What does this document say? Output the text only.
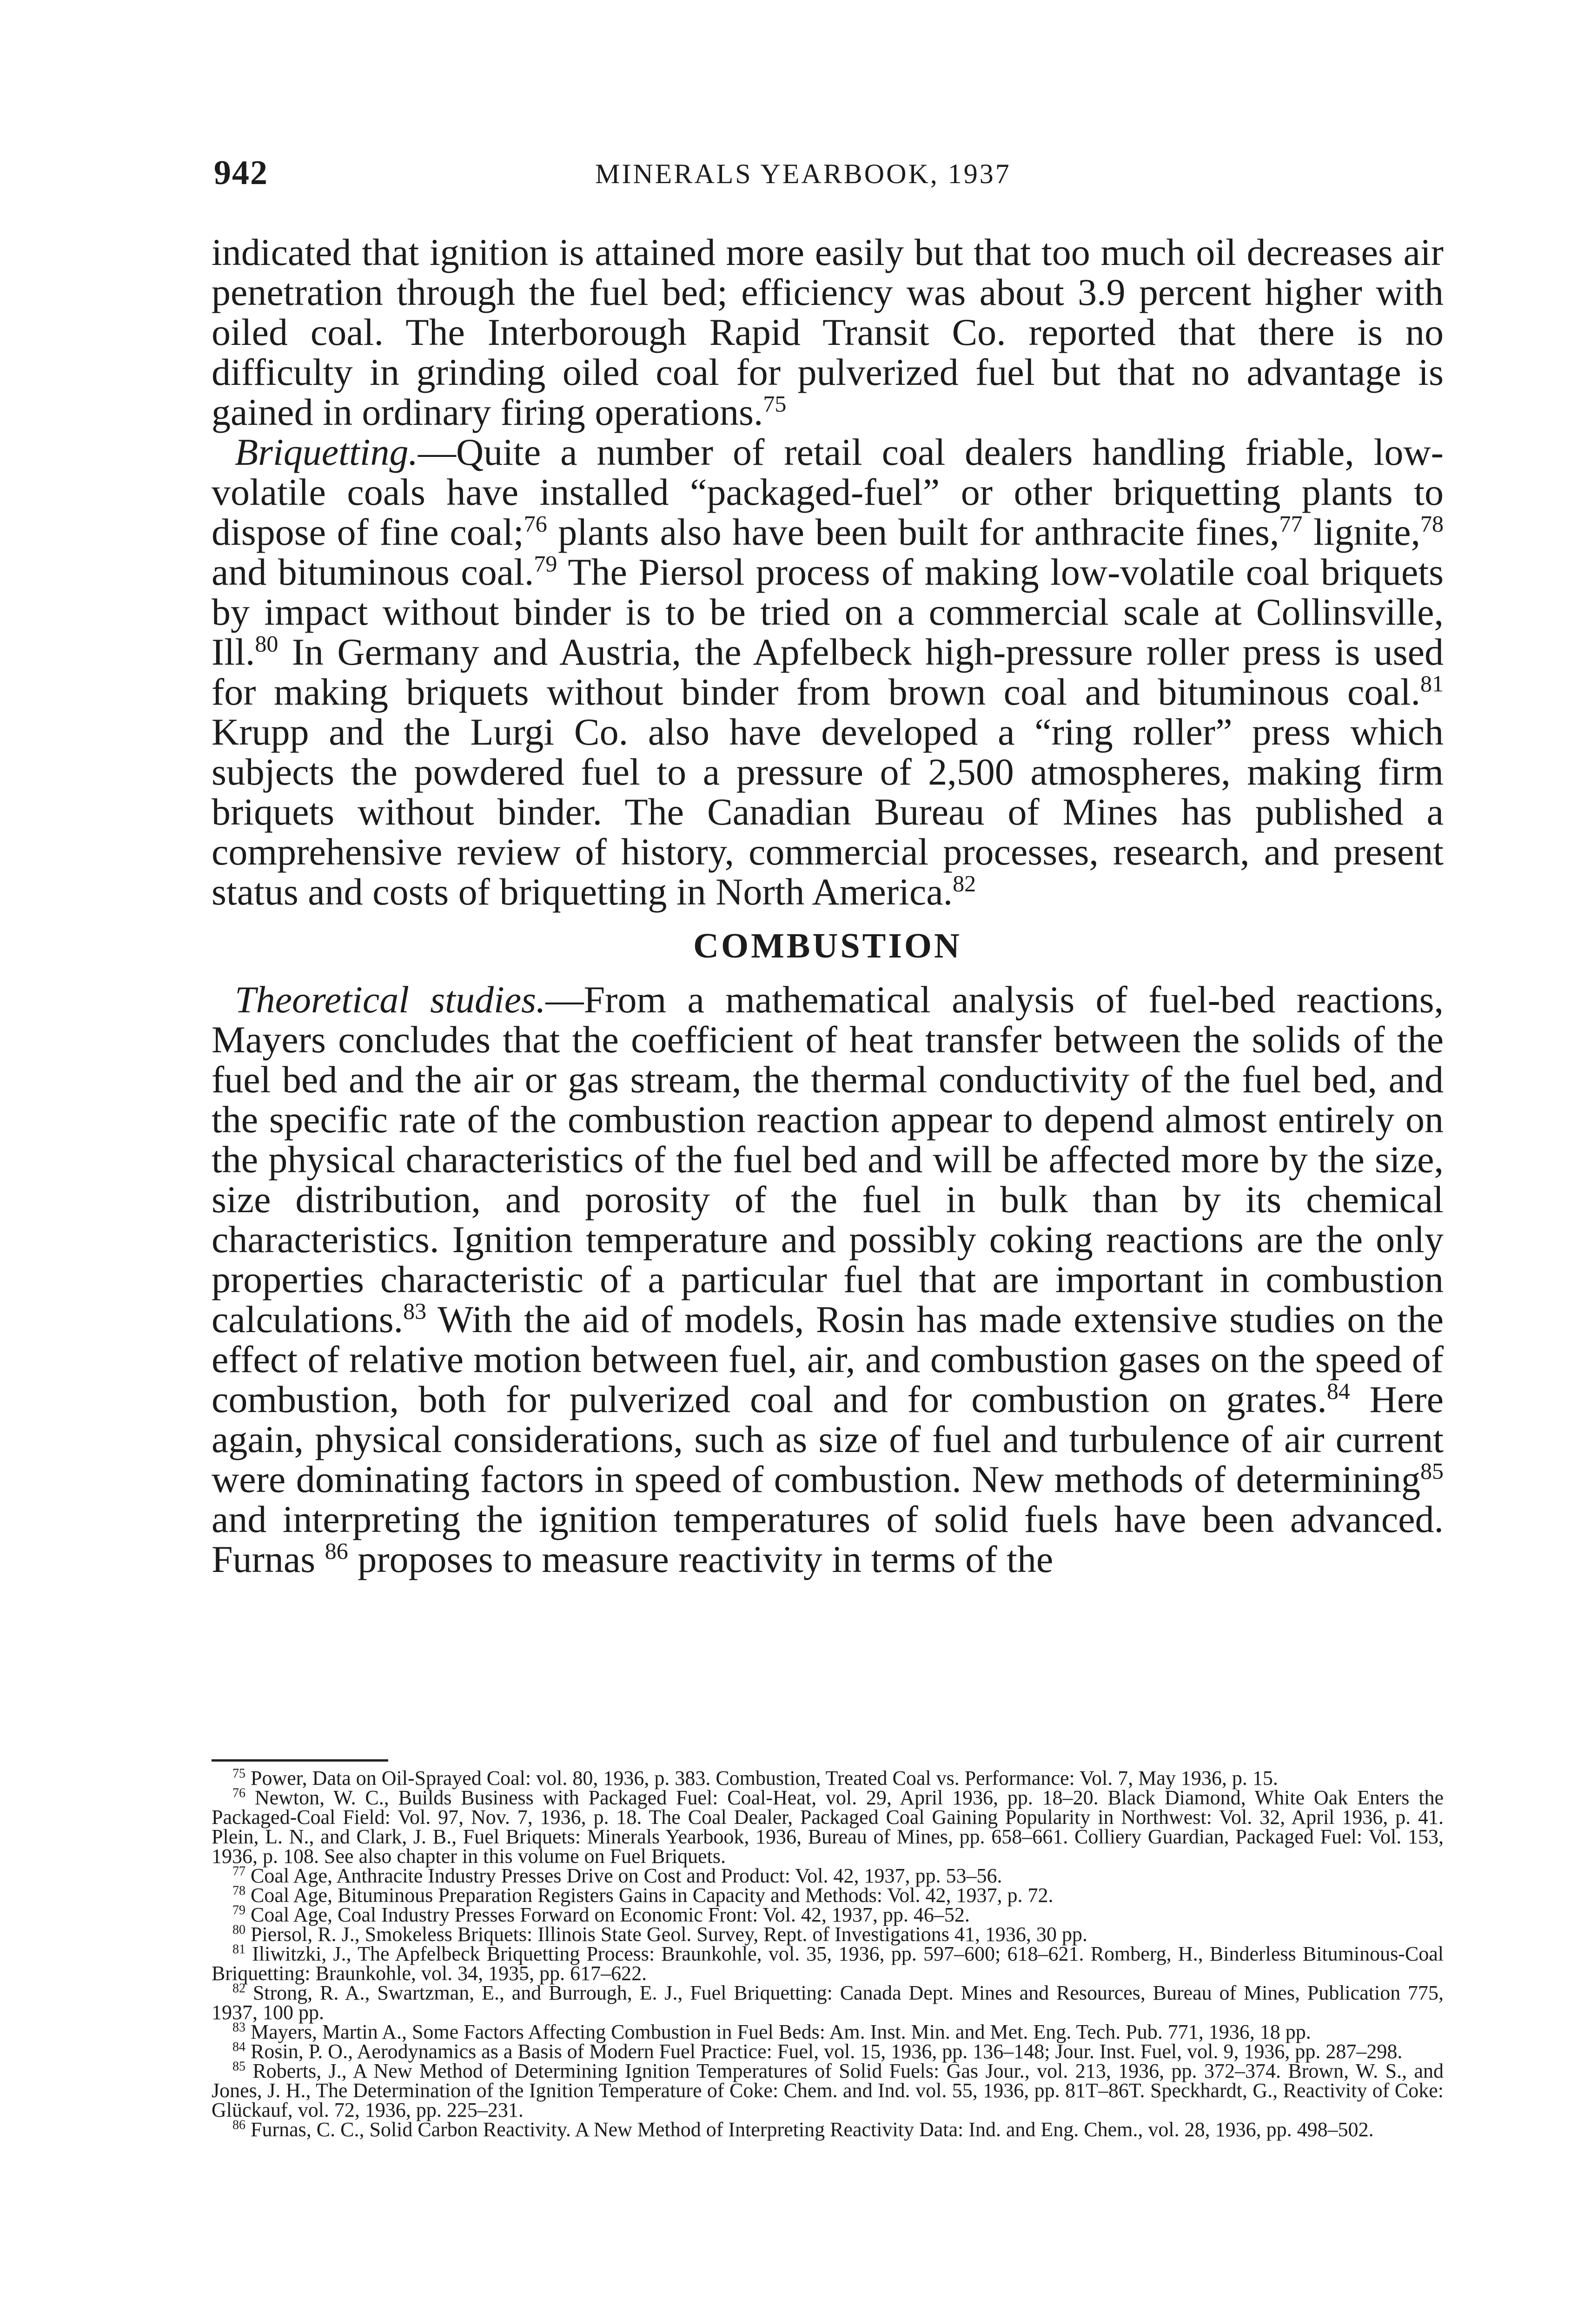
942	MINERALS YEARBOOK, 1937

indicated that ignition is attained more easily but that too much oil decreases air penetration through the fuel bed; efficiency was about 3.9 percent higher with oiled coal. The Interborough Rapid Transit Co. reported that there is no difficulty in grinding oiled coal for pulverized fuel but that no advantage is gained in ordinary firing operations.$^{75}$

Briquetting.—Quite a number of retail coal dealers handling friable, low-volatile coals have installed “packaged-fuel” or other briquetting plants to dispose of fine coal;$^{76}$ plants also have been built for anthracite fines,$^{77}$ lignite,$^{78}$ and bituminous coal.$^{79}$ The Piersol process of making low-volatile coal briquets by impact without binder is to be tried on a commercial scale at Collinsville, Ill.$^{80}$ In Germany and Austria, the Apfelbeck high-pressure roller press is used for making briquets without binder from brown coal and bituminous coal.$^{81}$ Krupp and the Lurgi Co. also have developed a “ring roller” press which subjects the powdered fuel to a pressure of 2,500 atmospheres, making firm briquets without binder. The Canadian Bureau of Mines has published a comprehensive review of history, commercial processes, research, and present status and costs of briquetting in North America.$^{82}$

COMBUSTION

Theoretical studies.—From a mathematical analysis of fuel-bed reactions, Mayers concludes that the coefficient of heat transfer between the solids of the fuel bed and the air or gas stream, the thermal conductivity of the fuel bed, and the specific rate of the combustion reaction appear to depend almost entirely on the physical characteristics of the fuel bed and will be affected more by the size, size distribution, and porosity of the fuel in bulk than by its chemical characteristics. Ignition temperature and possibly coking reactions are the only properties characteristic of a particular fuel that are important in combustion calculations.$^{83}$ With the aid of models, Rosin has made extensive studies on the effect of relative motion between fuel, air, and combustion gases on the speed of combustion, both for pulverized coal and for combustion on grates.$^{84}$ Here again, physical considerations, such as size of fuel and turbulence of air current were dominating factors in speed of combustion. New methods of determining$^{85}$ and interpreting the ignition temperatures of solid fuels have been advanced. Furnas $^{86}$ proposes to measure reactivity in terms of the

$^{75}$ Power, Data on Oil-Sprayed Coal: vol. 80, 1936, p. 383. Combustion, Treated Coal vs. Performance: Vol. 7, May 1936, p. 15.

$^{76}$ Newton, W. C., Builds Business with Packaged Fuel: Coal-Heat, vol. 29, April 1936, pp. 18–20. Black Diamond, White Oak Enters the Packaged-Coal Field: Vol. 97, Nov. 7, 1936, p. 18. The Coal Dealer, Packaged Coal Gaining Popularity in Northwest: Vol. 32, April 1936, p. 41. Plein, L. N., and Clark, J. B., Fuel Briquets: Minerals Yearbook, 1936, Bureau of Mines, pp. 658–661. Colliery Guardian, Packaged Fuel: Vol. 153, 1936, p. 108. See also chapter in this volume on Fuel Briquets.

$^{77}$ Coal Age, Anthracite Industry Presses Drive on Cost and Product: Vol. 42, 1937, pp. 53–56.

$^{78}$ Coal Age, Bituminous Preparation Registers Gains in Capacity and Methods: Vol. 42, 1937, p. 72.

$^{79}$ Coal Age, Coal Industry Presses Forward on Economic Front: Vol. 42, 1937, pp. 46–52.

$^{80}$ Piersol, R. J., Smokeless Briquets: Illinois State Geol. Survey, Rept. of Investigations 41, 1936, 30 pp.

$^{81}$ Iliwitzki, J., The Apfelbeck Briquetting Process: Braunkohle, vol. 35, 1936, pp. 597–600; 618–621. Romberg, H., Binderless Bituminous-Coal Briquetting: Braunkohle, vol. 34, 1935, pp. 617–622.

$^{82}$ Strong, R. A., Swartzman, E., and Burrough, E. J., Fuel Briquetting: Canada Dept. Mines and Resources, Bureau of Mines, Publication 775, 1937, 100 pp.

$^{83}$ Mayers, Martin A., Some Factors Affecting Combustion in Fuel Beds: Am. Inst. Min. and Met. Eng. Tech. Pub. 771, 1936, 18 pp.

$^{84}$ Rosin, P. O., Aerodynamics as a Basis of Modern Fuel Practice: Fuel, vol. 15, 1936, pp. 136–148; Jour. Inst. Fuel, vol. 9, 1936, pp. 287–298.

$^{85}$ Roberts, J., A New Method of Determining Ignition Temperatures of Solid Fuels: Gas Jour., vol. 213, 1936, pp. 372–374. Brown, W. S., and Jones, J. H., The Determination of the Ignition Temperature of Coke: Chem. and Ind. vol. 55, 1936, pp. 81T–86T. Speckhardt, G., Reactivity of Coke: Glückauf, vol. 72, 1936, pp. 225–231.

$^{86}$ Furnas, C. C., Solid Carbon Reactivity. A New Method of Interpreting Reactivity Data: Ind. and Eng. Chem., vol. 28, 1936, pp. 498–502.
